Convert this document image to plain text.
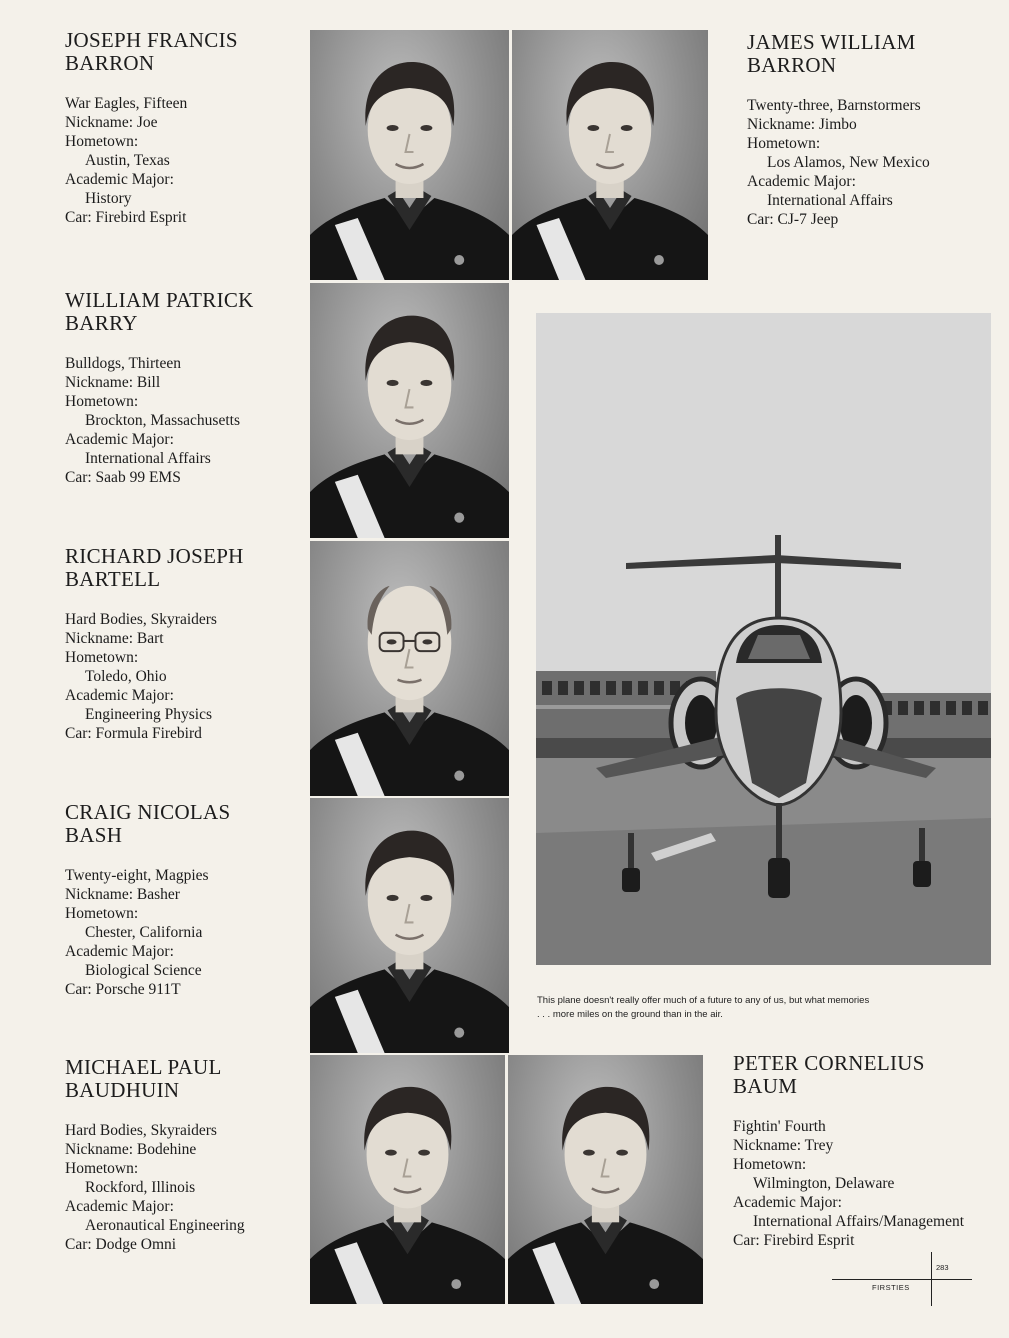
JOSEPH FRANCIS
BARRON
War Eagles, Fifteen
Nickname: Joe
Hometown:
Austin, Texas
Academic Major:
History
Car: Firebird Esprit
JAMES WILLIAM
BARRON
Twenty-three, Barnstormers
Nickname: Jimbo
Hometown:
Los Alamos, New Mexico
Academic Major:
International Affairs
Car: CJ-7 Jeep
WILLIAM PATRICK
BARRY
Bulldogs, Thirteen
Nickname: Bill
Hometown:
Brockton, Massachusetts
Academic Major:
International Affairs
Car: Saab 99 EMS
RICHARD JOSEPH
BARTELL
Hard Bodies, Skyraiders
Nickname: Bart
Hometown:
Toledo, Ohio
Academic Major:
Engineering Physics
Car: Formula Firebird
CRAIG NICOLAS
BASH
Twenty-eight, Magpies
Nickname: Basher
Hometown:
Chester, California
Academic Major:
Biological Science
Car: Porsche 911T
MICHAEL PAUL
BAUDHUIN
Hard Bodies, Skyraiders
Nickname: Bodehine
Hometown:
Rockford, Illinois
Academic Major:
Aeronautical Engineering
Car: Dodge Omni
PETER CORNELIUS
BAUM
Fightin' Fourth
Nickname: Trey
Hometown:
Wilmington, Delaware
Academic Major:
International Affairs/Management
Car: Firebird Esprit
This plane doesn't really offer much of a future to any of us, but what memories
. . . more miles on the ground than in the air.
283
FIRSTIES
